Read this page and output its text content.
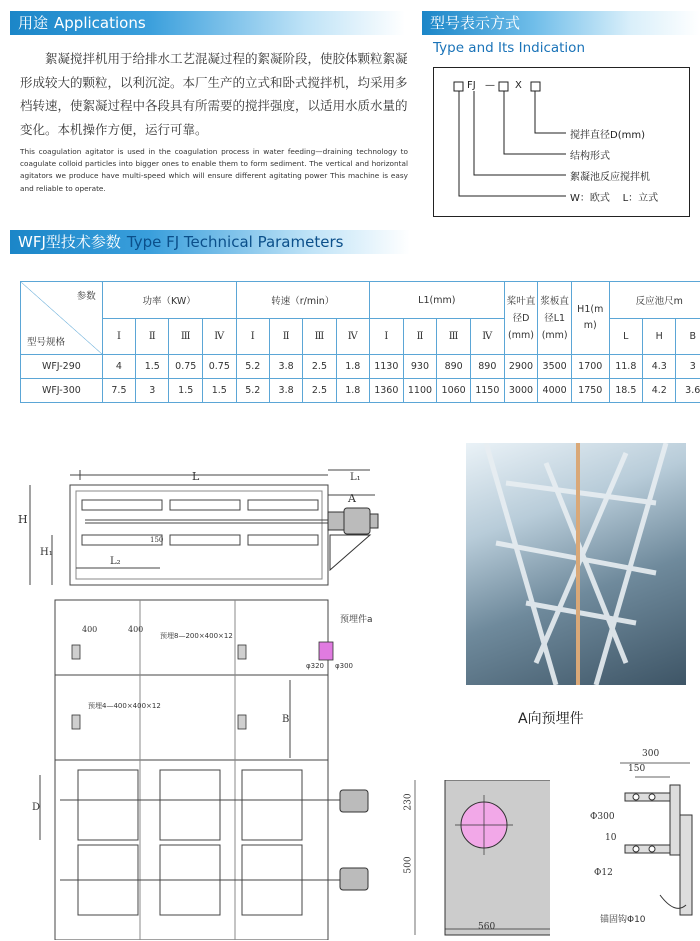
用途 Applications
絮凝搅拌机用于给排水工艺混凝过程的絮凝阶段，使胶体颗粒絮凝形成较大的颗粒，以利沉淀。本厂生产的立式和卧式搅拌机，均采用多档转速，使絮凝过程中各段具有所需要的搅拌强度，以适用水质水量的变化。本机操作方便，运行可靠。
This coagulation agitator is used in the coagulation process in water feeding—draining technology to coagulate colloid particles into bigger ones to enable them to form sediment. The vertical and horizontal agitators we produce have multi-speed which will ensure different agitating power This machine is easy and reliable to operate.
型号表示方式
Type and Its Indication
FJ — X
搅拌直径D(mm)
结构形式
絮凝池反应搅拌机
W：欧式    L：立式
WFJ型技术参数 Type FJ Technical Parameters
参数
型号规格	功率（KW）				转速（r/min）				L1(mm)				桨叶直径D(mm)	浆板直径L1(mm)	H1(mm)	反应池尺m		
	Ⅰ	Ⅱ	Ⅲ	Ⅳ	Ⅰ	Ⅱ	Ⅲ	Ⅳ	Ⅰ	Ⅱ	Ⅲ	Ⅳ				L	H	B
WFJ-290	4	1.5	0.75	0.75	5.2	3.8	2.5	1.8	1130	930	890	890	2900	3500	1700	11.8	4.3	3
WFJ-300	7.5	3	1.5	1.5	5.2	3.8	2.5	1.8	1360	1100	1060	1150	3000	4000	1750	18.5	4.2	3.6
L	L₁
A
H
H₁
L₂
150
400	400
预埋件a
预埋8—200×400×12
预埋4—400×400×12
φ320 φ300
B
D
A向预埋件
230
500
560
300
150
Φ300
10
Φ12
锚固钩Φ10
